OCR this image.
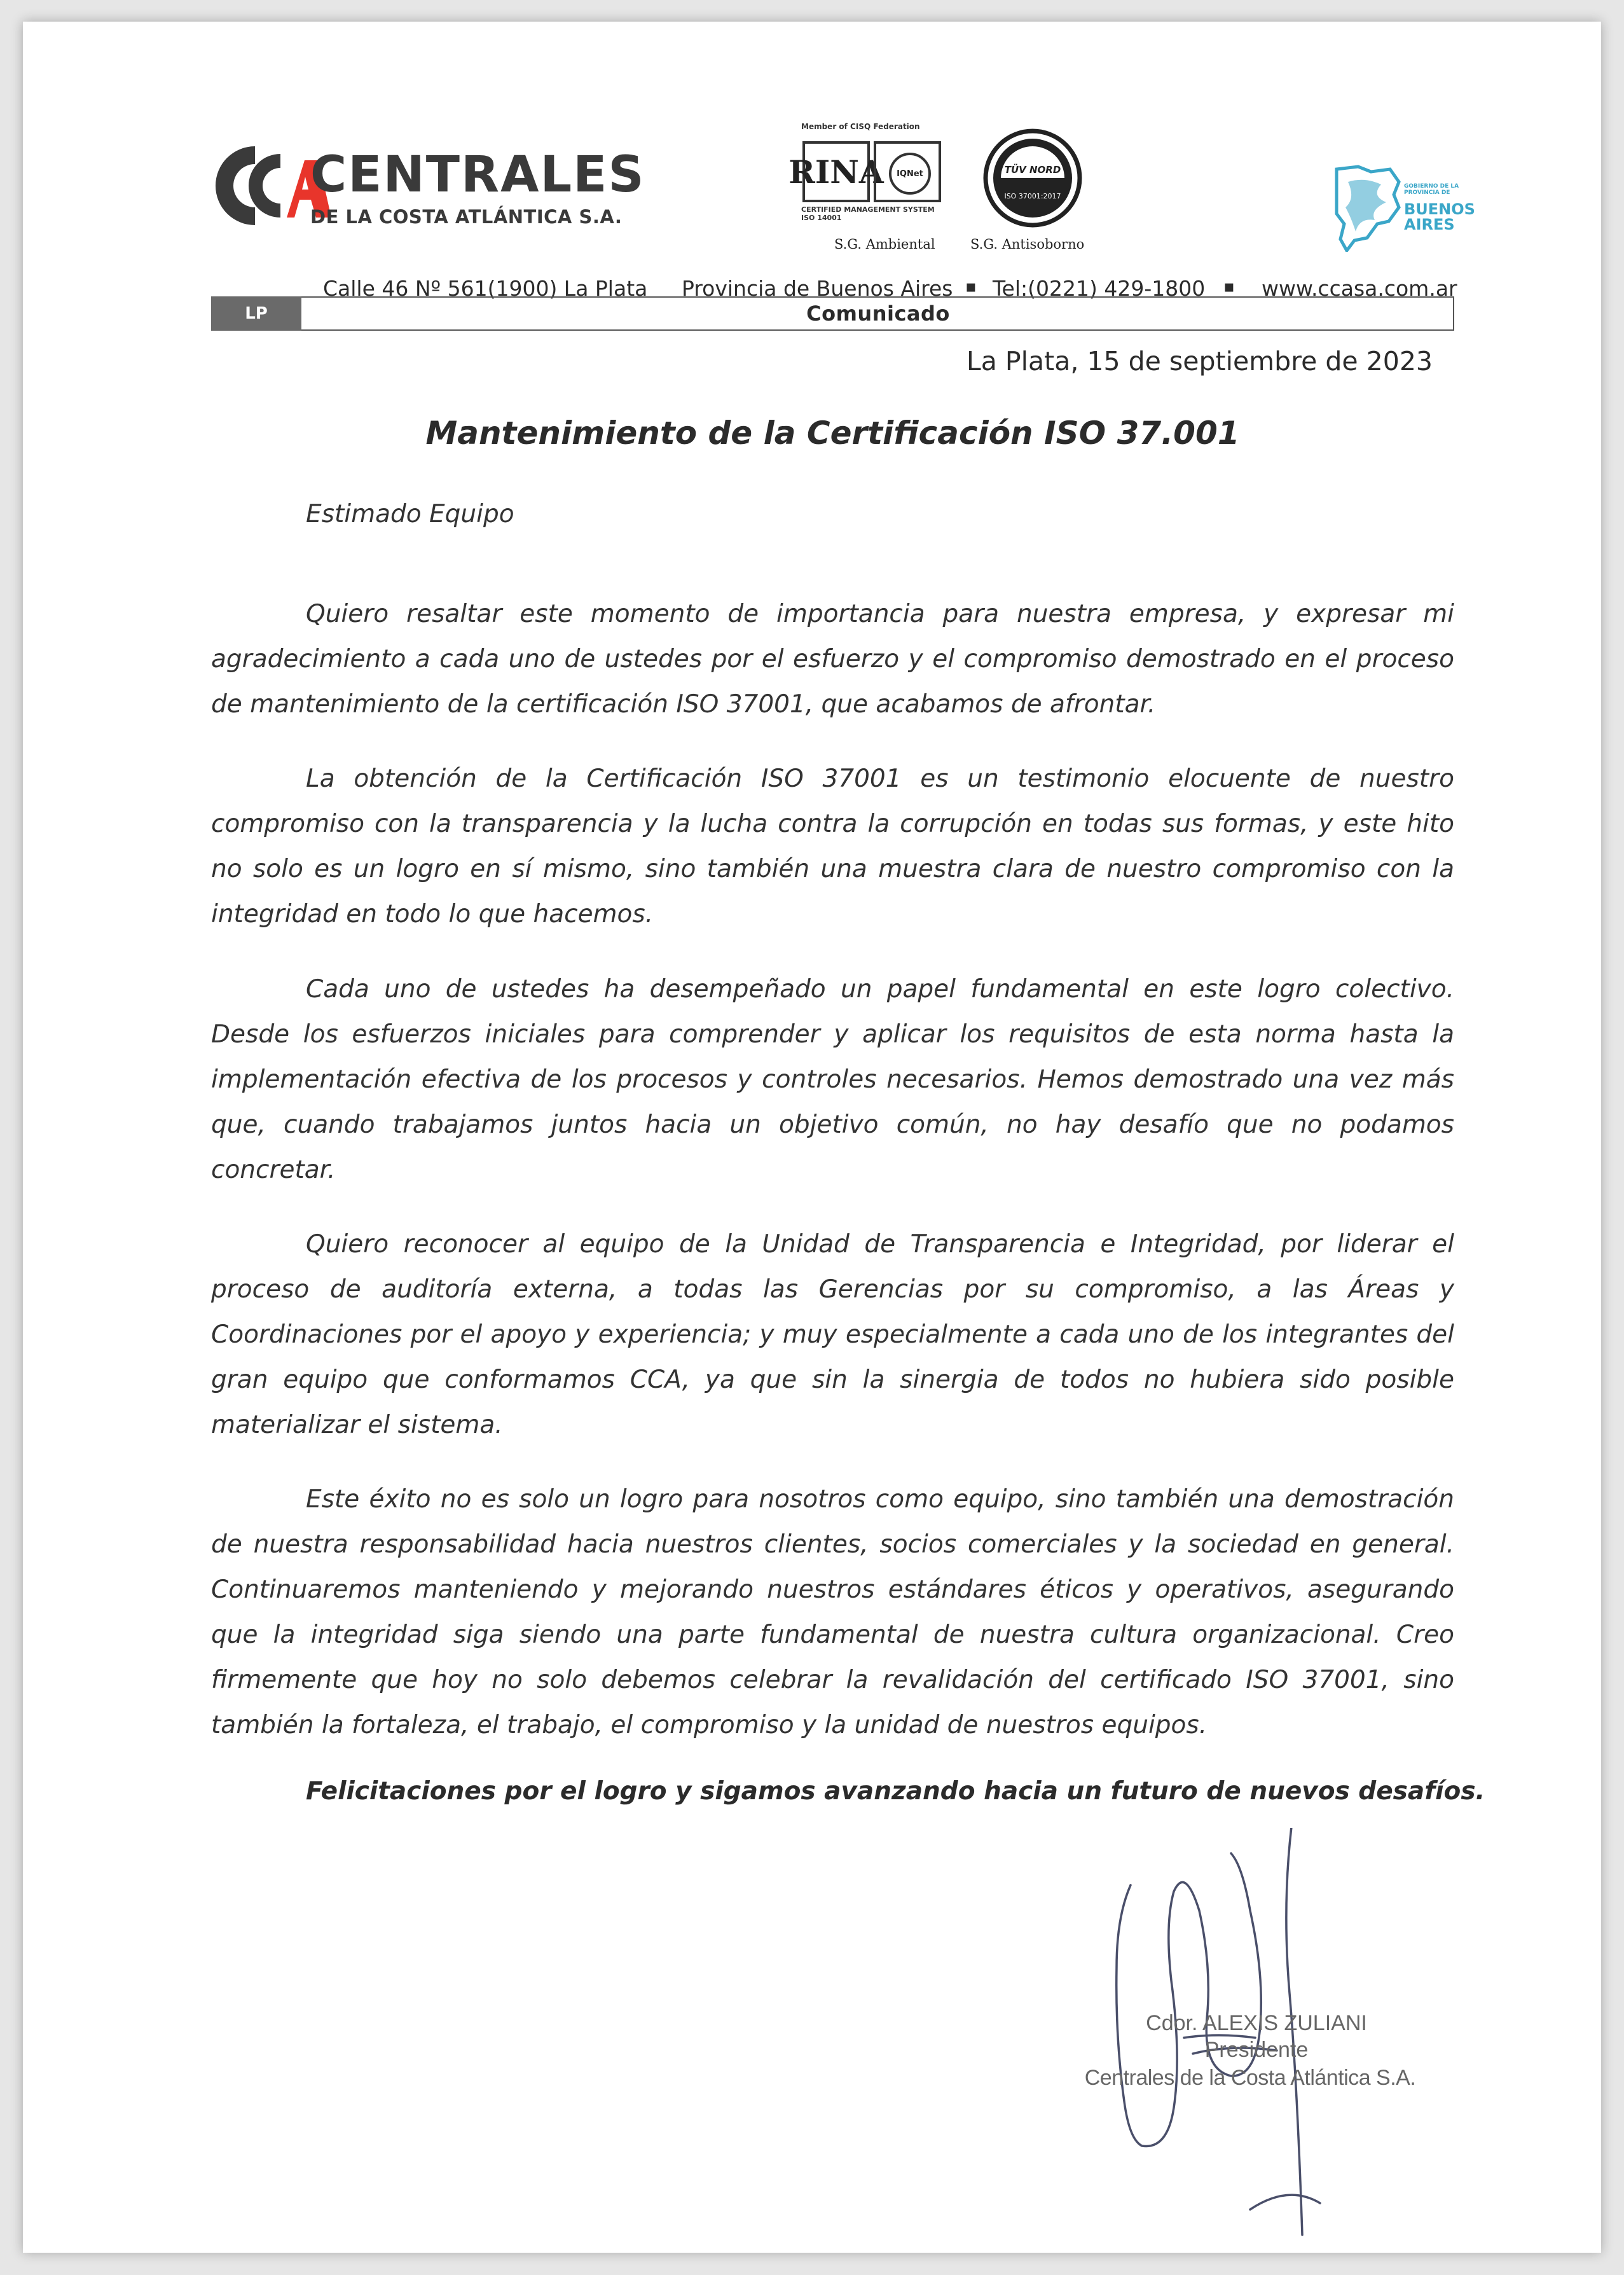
CENTRALES
DE LA COSTA ATLÁNTICA S.A.
Member of CISQ Federation
RINA	IQNet
CERTIFIED MANAGEMENT SYSTEM
ISO 14001
S.G. Ambiental
TÜV NORD
ISO 37001:2017
S.G. Antisoborno
GOBIERNO DE LA
PROVINCIA DE
BUENOS
AIRES
Calle 46 Nº 561(1900) La Plata Provincia de Buenos Aires ▪ Tel:(0221) 429-1800 ▪ www.ccasa.com.ar
LP	Comunicado
La Plata, 15 de septiembre de 2023
Mantenimiento de la Certificación ISO 37.001
Estimado Equipo

Quiero resaltar este momento de importancia para nuestra empresa, y expresar mi agradecimiento a cada uno de ustedes por el esfuerzo y el compromiso demostrado en el proceso de mantenimiento de la certificación ISO 37001, que acabamos de afrontar.

La obtención de la Certificación ISO 37001 es un testimonio elocuente de nuestro compromiso con la transparencia y la lucha contra la corrupción en todas sus formas, y este hito no solo es un logro en sí mismo, sino también una muestra clara de nuestro compromiso con la integridad en todo lo que hacemos.

Cada uno de ustedes ha desempeñado un papel fundamental en este logro colectivo. Desde los esfuerzos iniciales para comprender y aplicar los requisitos de esta norma hasta la implementación efectiva de los procesos y controles necesarios. Hemos demostrado una vez más que, cuando trabajamos juntos hacia un objetivo común, no hay desafío que no podamos concretar.

Quiero reconocer al equipo de la Unidad de Transparencia e Integridad, por liderar el proceso de auditoría externa, a todas las Gerencias por su compromiso, a las Áreas y Coordinaciones por el apoyo y experiencia; y muy especialmente a cada uno de los integrantes del gran equipo que conformamos CCA, ya que sin la sinergia de todos no hubiera sido posible materializar el sistema.

Este éxito no es solo un logro para nosotros como equipo, sino también una demostración de nuestra responsabilidad hacia nuestros clientes, socios comerciales y la sociedad en general. Continuaremos manteniendo y mejorando nuestros estándares éticos y operativos, asegurando que la integridad siga siendo una parte fundamental de nuestra cultura organizacional. Creo firmemente que hoy no solo debemos celebrar la revalidación del certificado ISO 37001, sino también la fortaleza, el trabajo, el compromiso y la unidad de nuestros equipos.

Felicitaciones por el logro y sigamos avanzando hacia un futuro de nuevos desafíos.
Cdor. ALEXIS ZULIANI
Presidente
Centrales de la Costa Atlántica S.A.
